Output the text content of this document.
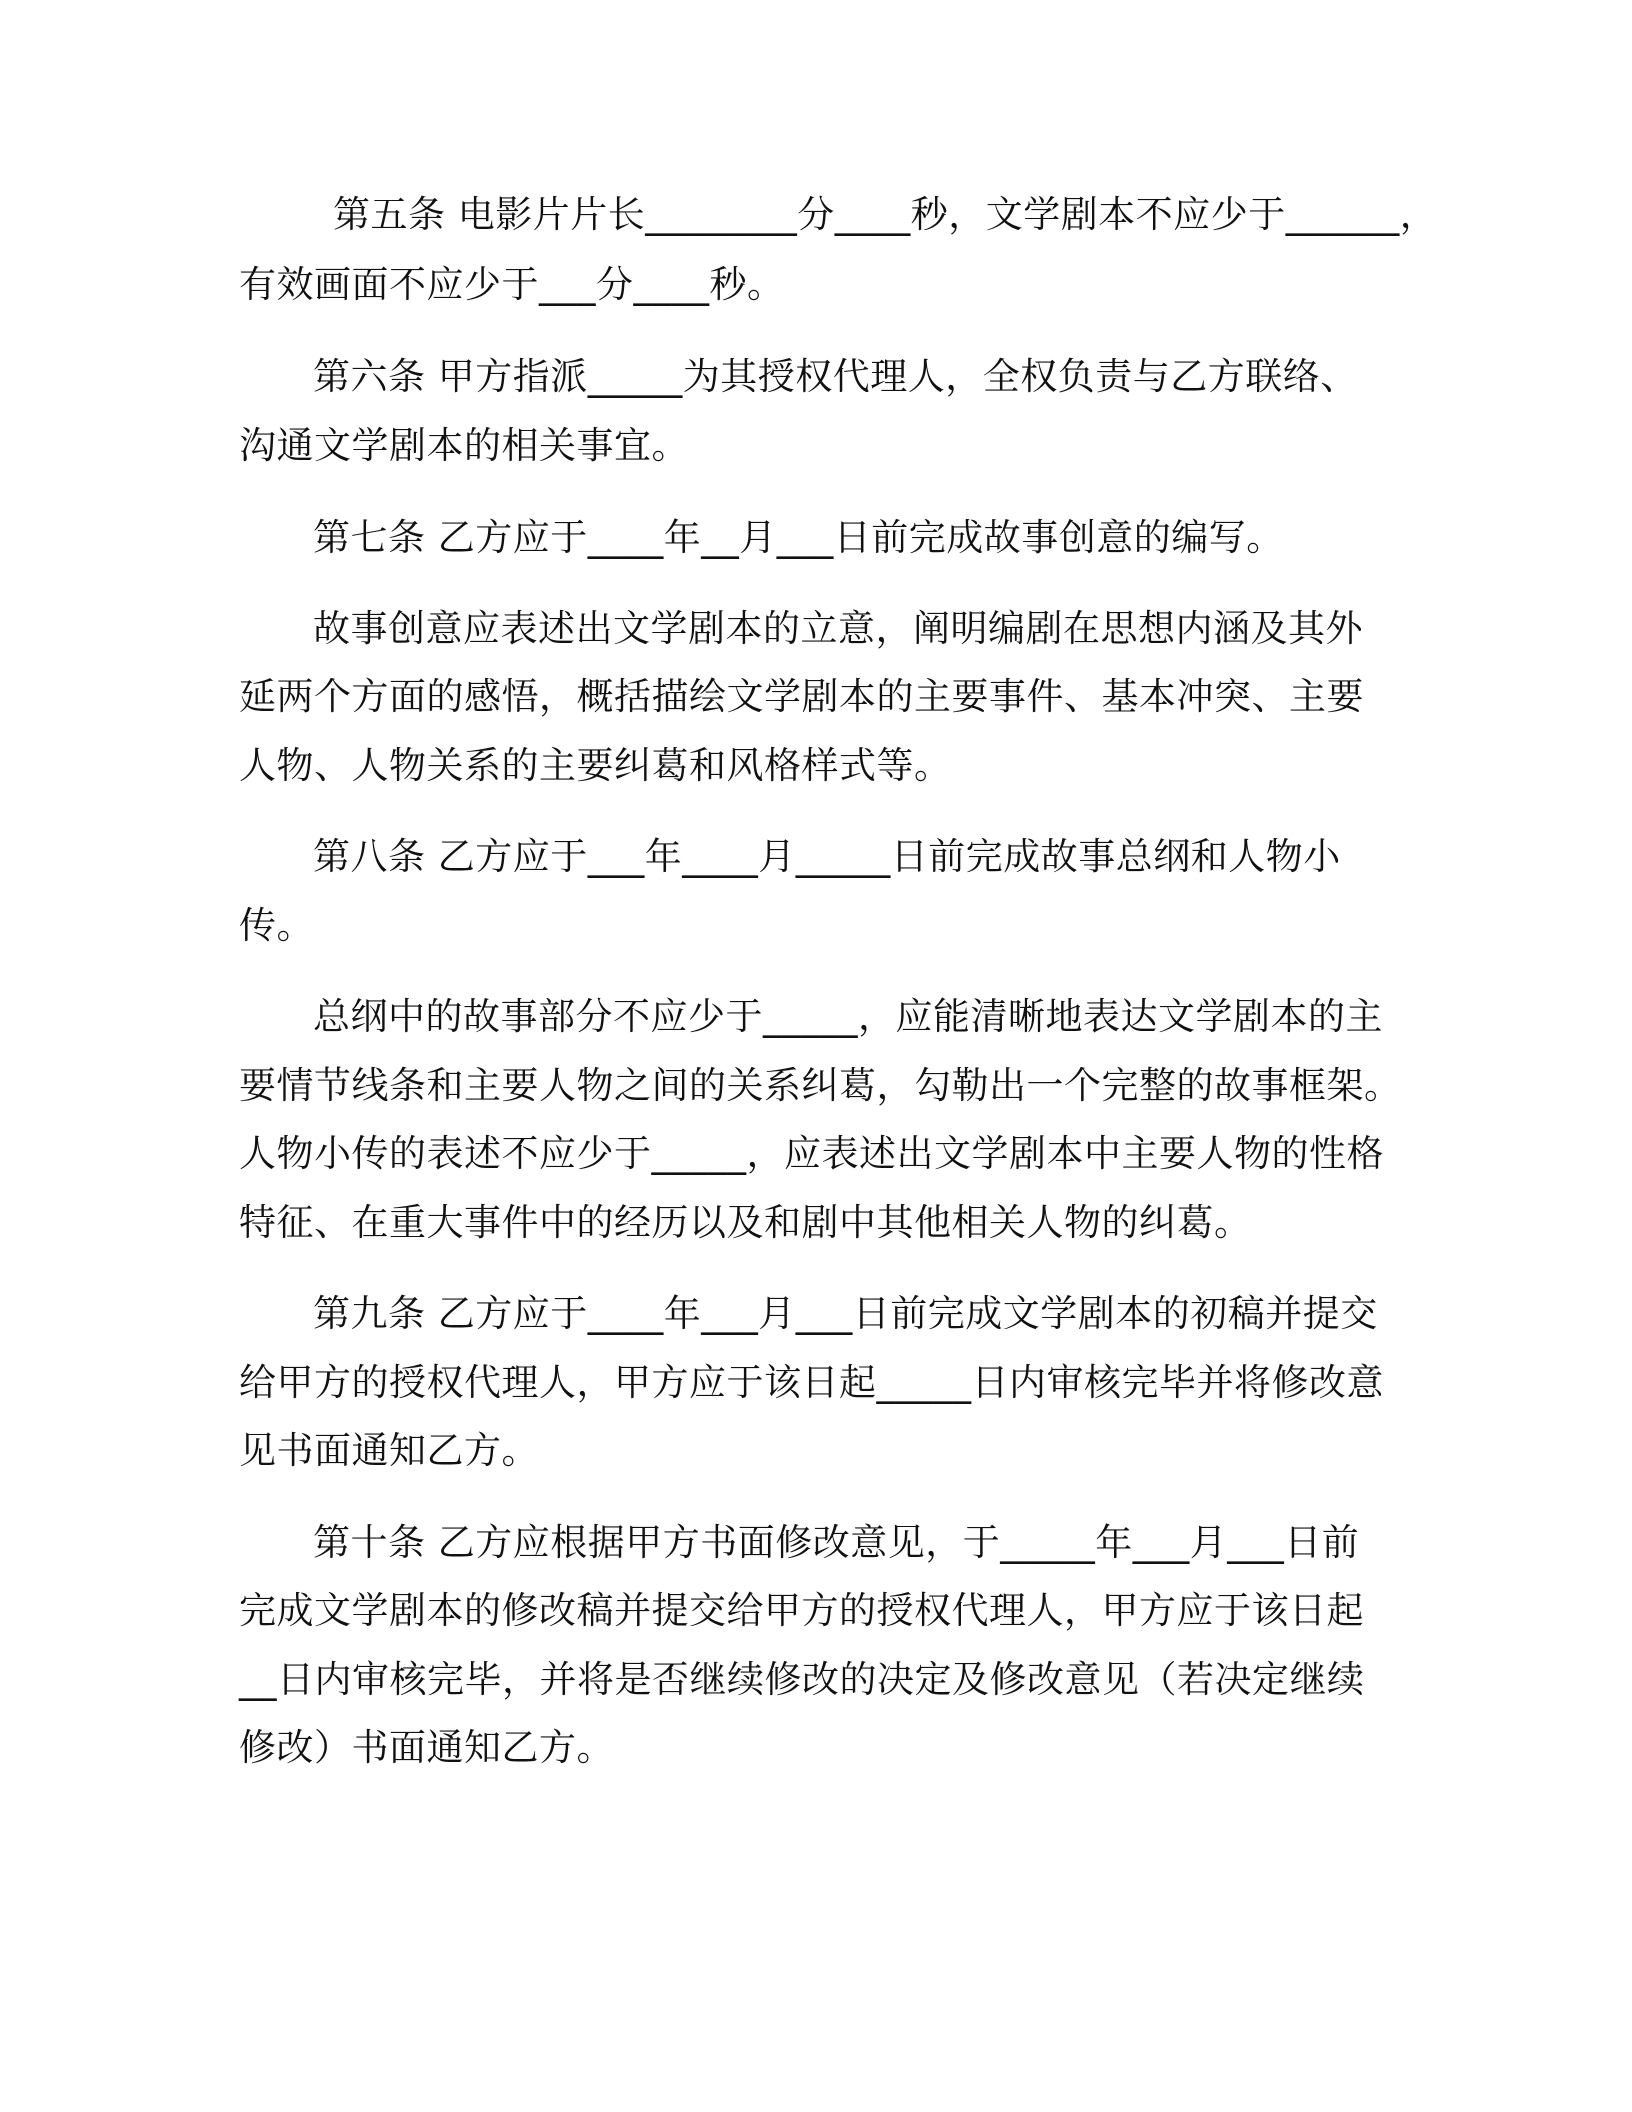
第五条 电影片片长________分____秒，文学剧本不应少于______，
有效画面不应少于___分____秒。
第六条 甲方指派_____为其授权代理人，全权负责与乙方联络、
沟通文学剧本的相关事宜。
第七条 乙方应于____年__月___日前完成故事创意的编写。
故事创意应表述出文学剧本的立意，阐明编剧在思想内涵及其外
延两个方面的感悟，概括描绘文学剧本的主要事件、基本冲突、主要
人物、人物关系的主要纠葛和风格样式等。
第八条 乙方应于___年____月_____日前完成故事总纲和人物小
传。
总纲中的故事部分不应少于_____，应能清晰地表达文学剧本的主
要情节线条和主要人物之间的关系纠葛，勾勒出一个完整的故事框架。
人物小传的表述不应少于_____，应表述出文学剧本中主要人物的性格
特征、在重大事件中的经历以及和剧中其他相关人物的纠葛。
第九条 乙方应于____年___月___日前完成文学剧本的初稿并提交
给甲方的授权代理人，甲方应于该日起_____日内审核完毕并将修改意
见书面通知乙方。
第十条 乙方应根据甲方书面修改意见，于_____年___月___日前
完成文学剧本的修改稿并提交给甲方的授权代理人，甲方应于该日起
__日内审核完毕，并将是否继续修改的决定及修改意见（若决定继续
修改）书面通知乙方。
